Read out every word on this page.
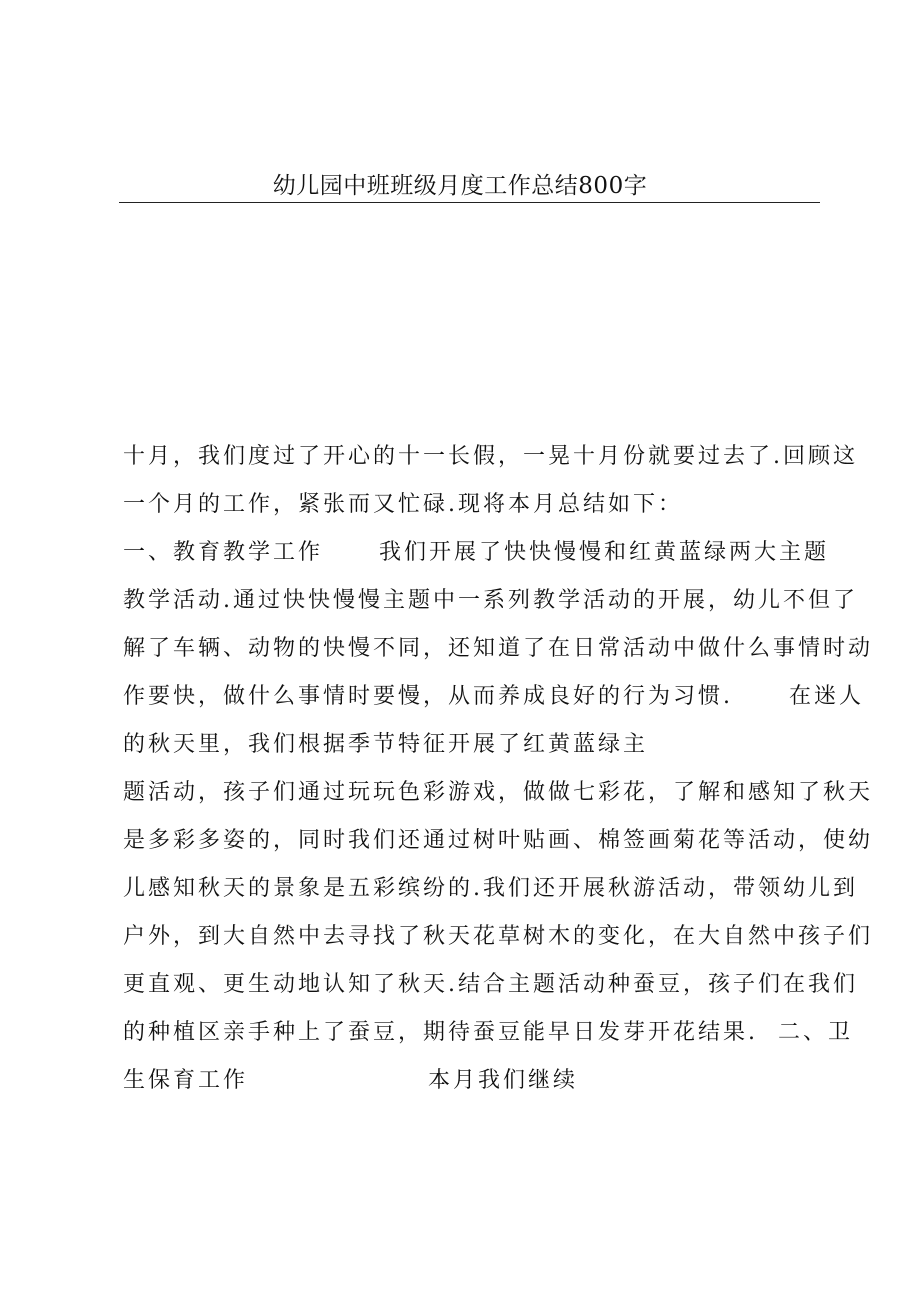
幼儿园中班班级月度工作总结800字
十月，我们度过了开心的十一长假，一晃十月份就要过去了.回顾这
一个月的工作，紧张而又忙碌.现将本月总结如下：
一、教育教学工作	我们开展了快快慢慢和红黄蓝绿两大主题
教学活动.通过快快慢慢主题中一系列教学活动的开展，幼儿不但了
解了车辆、动物的快慢不同，还知道了在日常活动中做什么事情时动
作要快，做什么事情时要慢，从而养成良好的行为习惯.	在迷人
的秋天里，我们根据季节特征开展了红黄蓝绿主
题活动，孩子们通过玩玩色彩游戏，做做七彩花，了解和感知了秋天
是多彩多姿的，同时我们还通过树叶贴画、棉签画菊花等活动，使幼
儿感知秋天的景象是五彩缤纷的.我们还开展秋游活动，带领幼儿到
户外，到大自然中去寻找了秋天花草树木的变化，在大自然中孩子们
更直观、更生动地认知了秋天.结合主题活动种蚕豆，孩子们在我们
的种植区亲手种上了蚕豆，期待蚕豆能早日发芽开花结果. 二、卫
生保育工作	本月我们继续
